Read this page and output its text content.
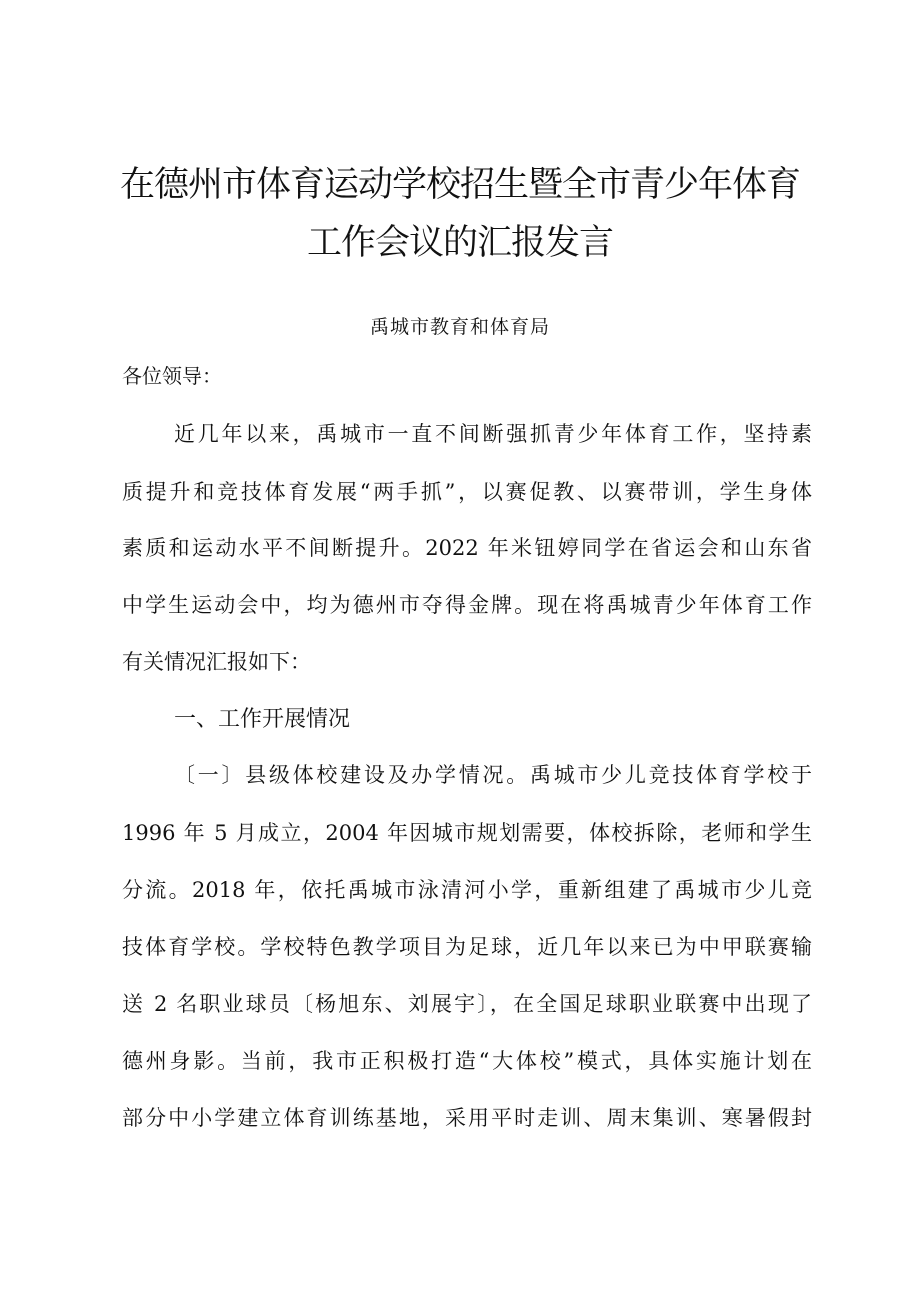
在德州市体育运动学校招生暨全市青少年体育
工作会议的汇报发言
禹城市教育和体育局
各位领导：
近几年以来，禹城市一直不间断强抓青少年体育工作，坚持素
质提升和竞技体育发展“两手抓”，以赛促教、以赛带训，学生身体
素质和运动水平不间断提升。2022 年米钮婷同学在省运会和山东省
中学生运动会中，均为德州市夺得金牌。现在将禹城青少年体育工作
有关情况汇报如下：
一、工作开展情况
〔一〕县级体校建设及办学情况。禹城市少儿竞技体育学校于
1996 年 5 月成立，2004 年因城市规划需要，体校拆除，老师和学生
分流。2018 年，依托禹城市泳清河小学，重新组建了禹城市少儿竞
技体育学校。学校特色教学项目为足球，近几年以来已为中甲联赛输
送 2 名职业球员〔杨旭东、刘展宇〕，在全国足球职业联赛中出现了
德州身影。当前，我市正积极打造“大体校”模式，具体实施计划在
部分中小学建立体育训练基地，采用平时走训、周末集训、寒暑假封
